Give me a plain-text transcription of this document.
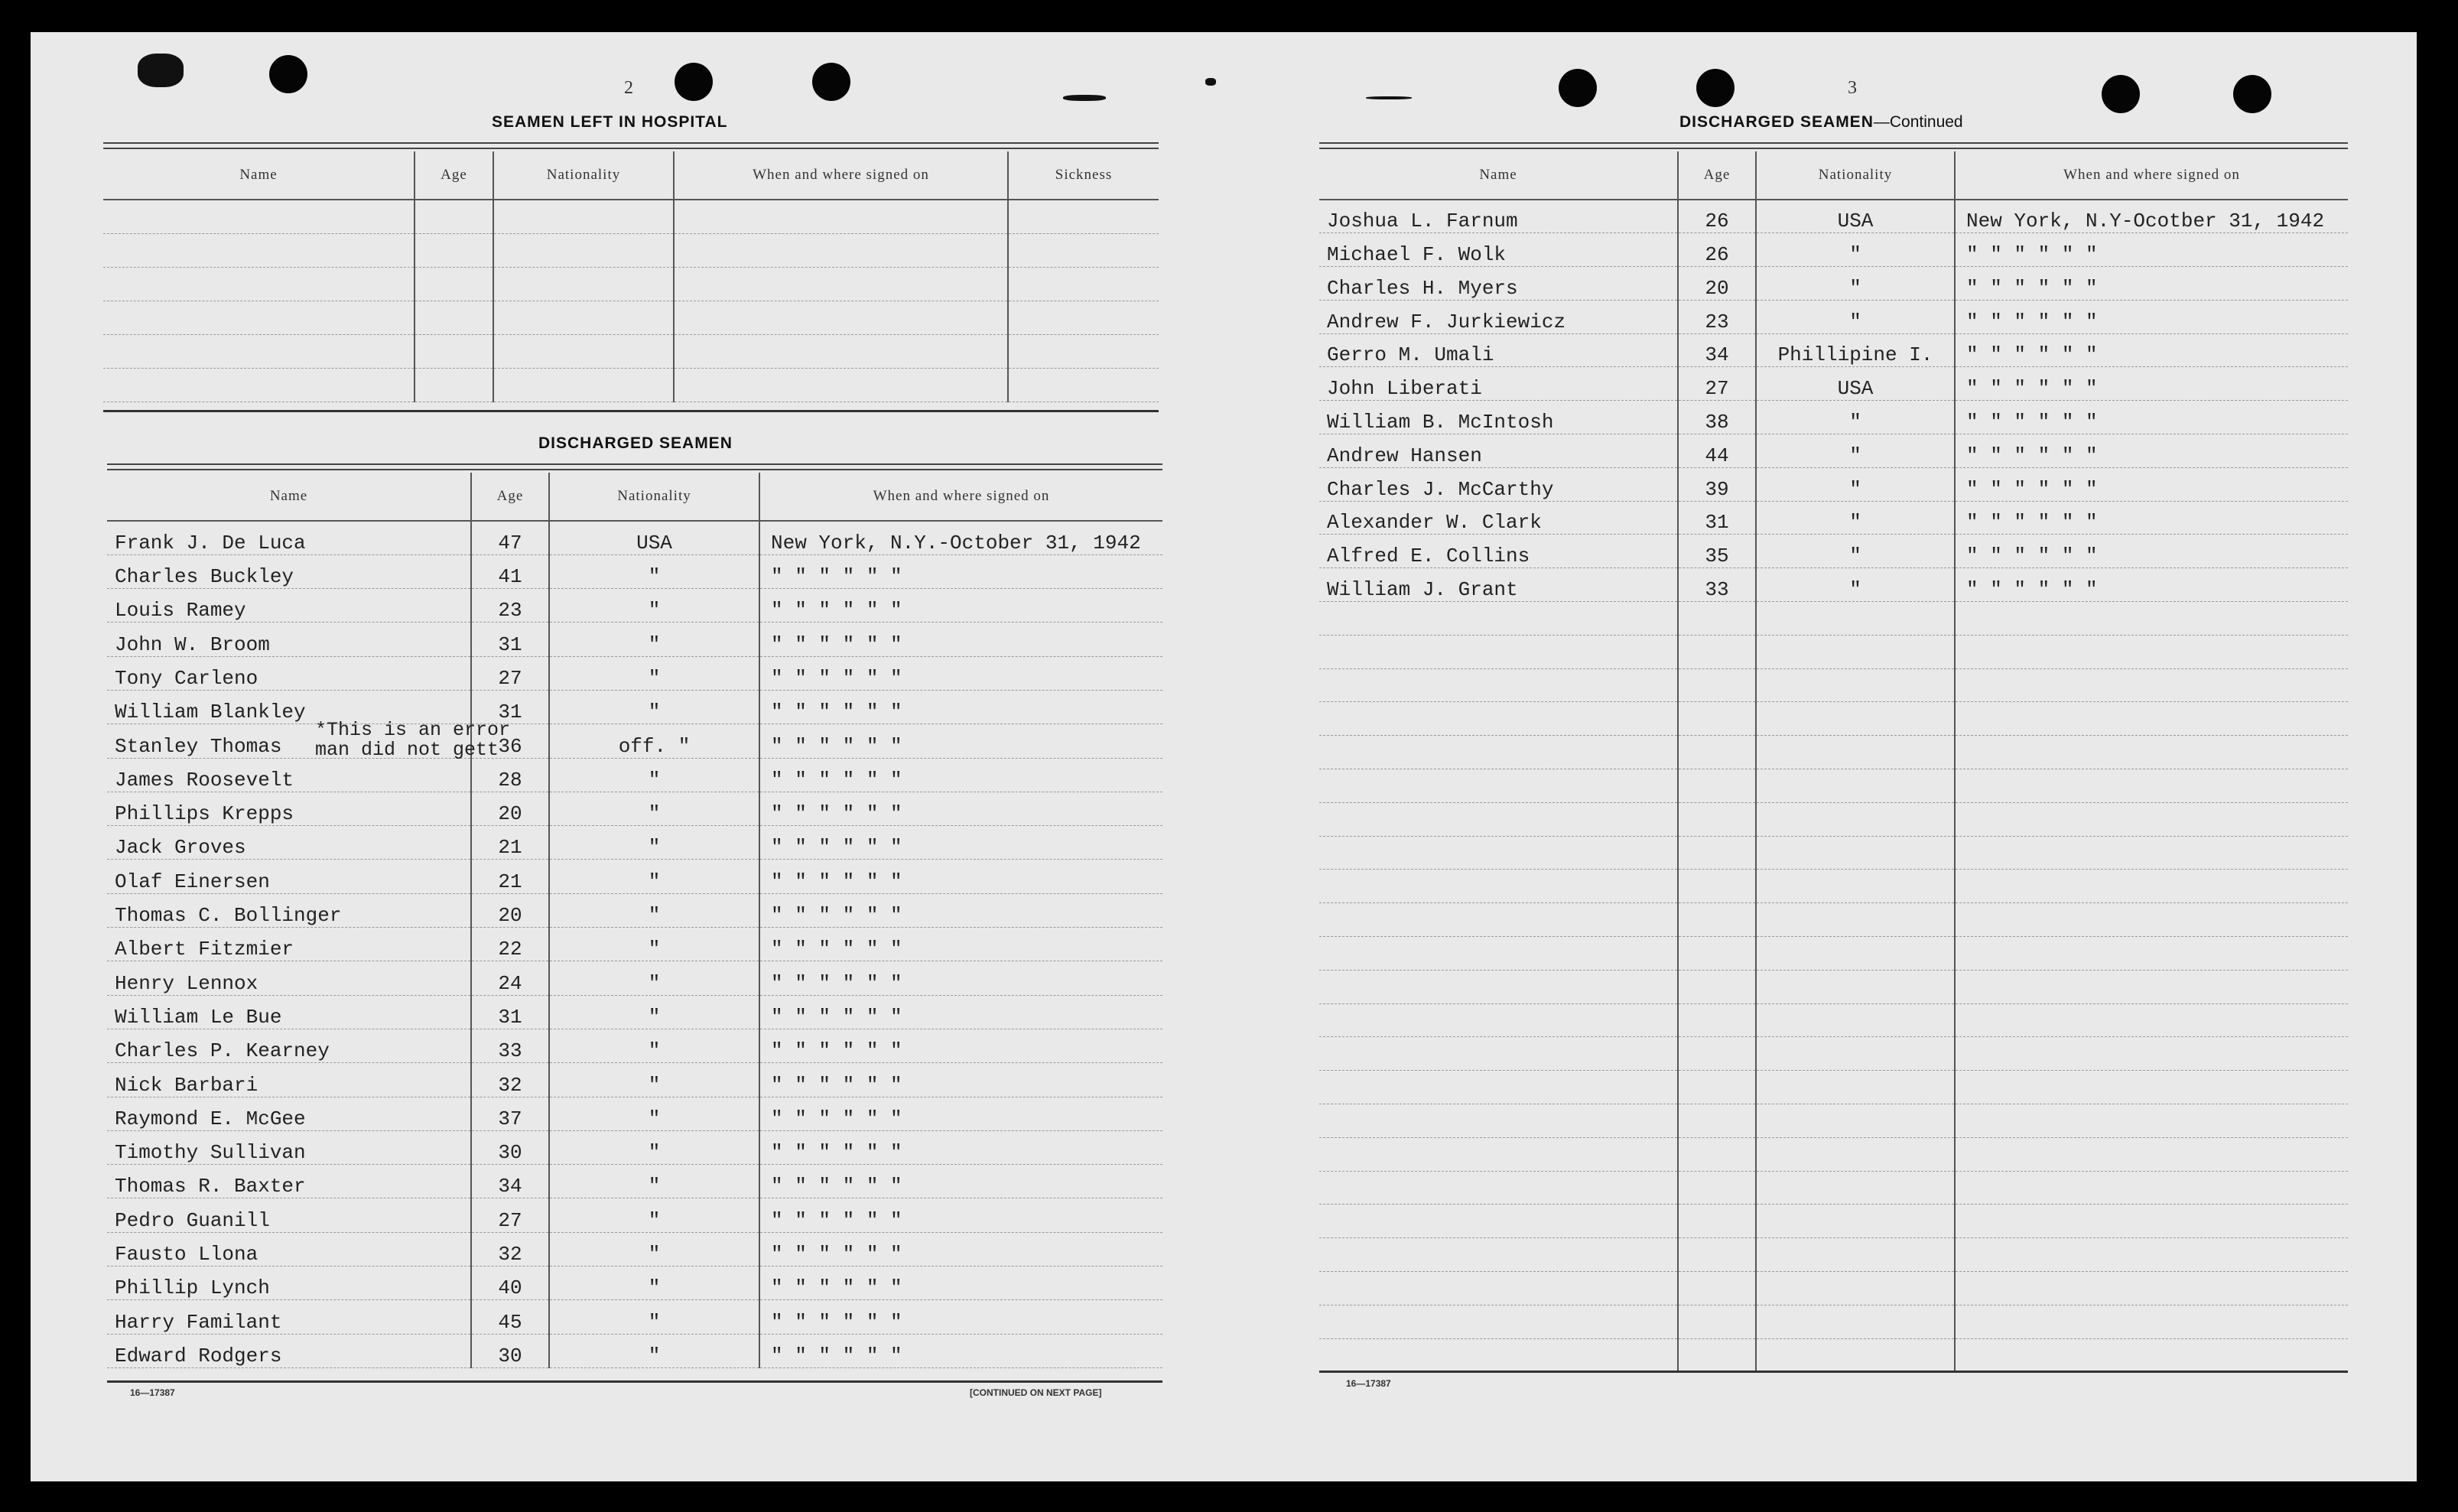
2
SEAMEN LEFT IN HOSPITAL
Name	Age	Nationality	When and where signed on	Sickness

DISCHARGED SEAMEN
Name	Age	Nationality	When and where signed on
Frank J. De Luca	47	USA	New York, N.Y.-October 31, 1942
Charles Buckley	41	"	" " " " " "
Louis Ramey	23	"	" " " " " "
John W. Broom	31	"	" " " " " "
Tony Carleno	27	"	" " " " " "
William Blankley	31	"	" " " " " "
Stanley Thomas	36	off. "	" " " " " "
James Roosevelt	28	"	" " " " " "
Phillips Krepps	20	"	" " " " " "
Jack Groves	21	"	" " " " " "
Olaf Einersen	21	"	" " " " " "
Thomas C. Bollinger	20	"	" " " " " "
Albert Fitzmier	22	"	" " " " " "
Henry Lennox	24	"	" " " " " "
William Le Bue	31	"	" " " " " "
Charles P. Kearney	33	"	" " " " " "
Nick Barbari	32	"	" " " " " "
Raymond E. McGee	37	"	" " " " " "
Timothy Sullivan	30	"	" " " " " "
Thomas R. Baxter	34	"	" " " " " "
Pedro Guanill	27	"	" " " " " "
Fausto Llona	32	"	" " " " " "
Phillip Lynch	40	"	" " " " " "
Harry Familant	45	"	" " " " " "
Edward Rodgers	30	"	" " " " " "
*This is an error
man did not gett
16—17387	[CONTINUED ON NEXT PAGE]
3
DISCHARGED SEAMEN—Continued
Name	Age	Nationality	When and where signed on
Joshua L. Farnum	26	USA	New York, N.Y-Ocotber 31, 1942
Michael F. Wolk	26	"	" " " " " "
Charles H. Myers	20	"	" " " " " "
Andrew F. Jurkiewicz	23	"	" " " " " "
Gerro M. Umali	34	Phillipine I.	" " " " " "
John Liberati	27	USA	" " " " " "
William B. McIntosh	38	"	" " " " " "
Andrew Hansen	44	"	" " " " " "
Charles J. McCarthy	39	"	" " " " " "
Alexander W. Clark	31	"	" " " " " "
Alfred E. Collins	35	"	" " " " " "
William J. Grant	33	"	" " " " " "

16—17387
